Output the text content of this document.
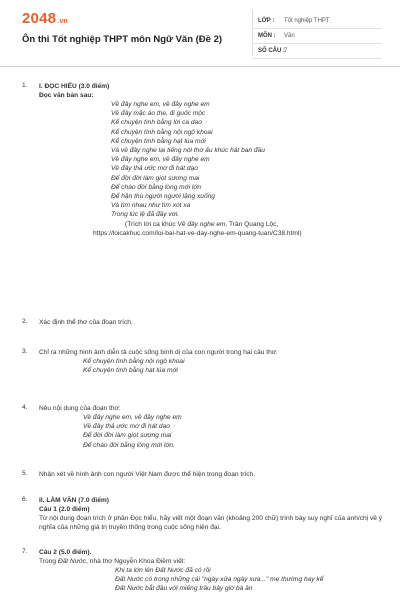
2048.vn
Ôn thi Tốt nghiệp THPT môn Ngữ Văn (Đề 2)
LỚP : Tốt nghiệp THPT
MÔN : Văn
SỐ CÂU : 7
1.	I. ĐỌC HIỂU (3.0 điểm)
Đọc văn bản sau:
Về đây nghe em, về đây nghe em
Về đây mặc áo the, đi guốc mộc
Kể chuyện tình bằng lời ca dao
Kể chuyện tình bằng nội ngộ khoai
Kể chuyện tình bằng hạt lúa mới
Và về đây nghe lại tiếng nói thơ ấu khúc hát ban đầu
Về đây nghe em, về đây nghe em
Về đây thả ước mơ đi hát dạo
Để đời đời làm giọt sương mai
Để chào đời bằng lòng mới lớn
Để hận thù người người lặng xuống
Và tìm nhau như tìm xót xa
Trong lúc lệ đã đầy vơi.
(Trích lời ca khúc Về đây nghe em, Trần Quang Lộc,
https://loicakhuc.com/loi-bai-hat-ve-day-nghe-em-quang-tuan/C38.html)
2.	Xác định thể thơ của đoạn trích.
3.	Chỉ ra những hình ảnh diễn tả cuộc sống bình dị của con người trong hai câu thơ:
Kể chuyện tình bằng nội ngộ khoai
Kể chuyện tình bằng hạt lúa mới
4.	Nêu nội dung của đoạn thơ:
Về đây nghe em, về đây nghe em
Về đây thả ước mơ đi hát dạo
Để đời đời làm giọt sương mai
Để chào đời bằng lòng mới lớn.
5.	Nhận xét về hình ảnh con người Việt Nam được thể hiện trong đoạn trích.
6.	II. LÀM VĂN (7.0 điểm)
Câu 1 (2.0 điểm)
Từ nội dung đoạn trích ở phần Đọc hiểu, hãy viết một đoạn văn (khoảng 200 chữ) trình bày suy nghĩ của anh/chị về ý nghĩa của những giá trị truyền thống trong cuộc sống hiện đại.
7.	Câu 2 (5.0 điểm).
Trong Đất Nước, nhà thơ Nguyễn Khoa Điềm viết:
Khi ta lớn lên Đất Nước đã có rồi
Đất Nước có trong những cái "ngày xửa ngày xưa..." mẹ thường hay kể
Đất Nước bắt đầu với miếng trầu bây giờ bà ăn
